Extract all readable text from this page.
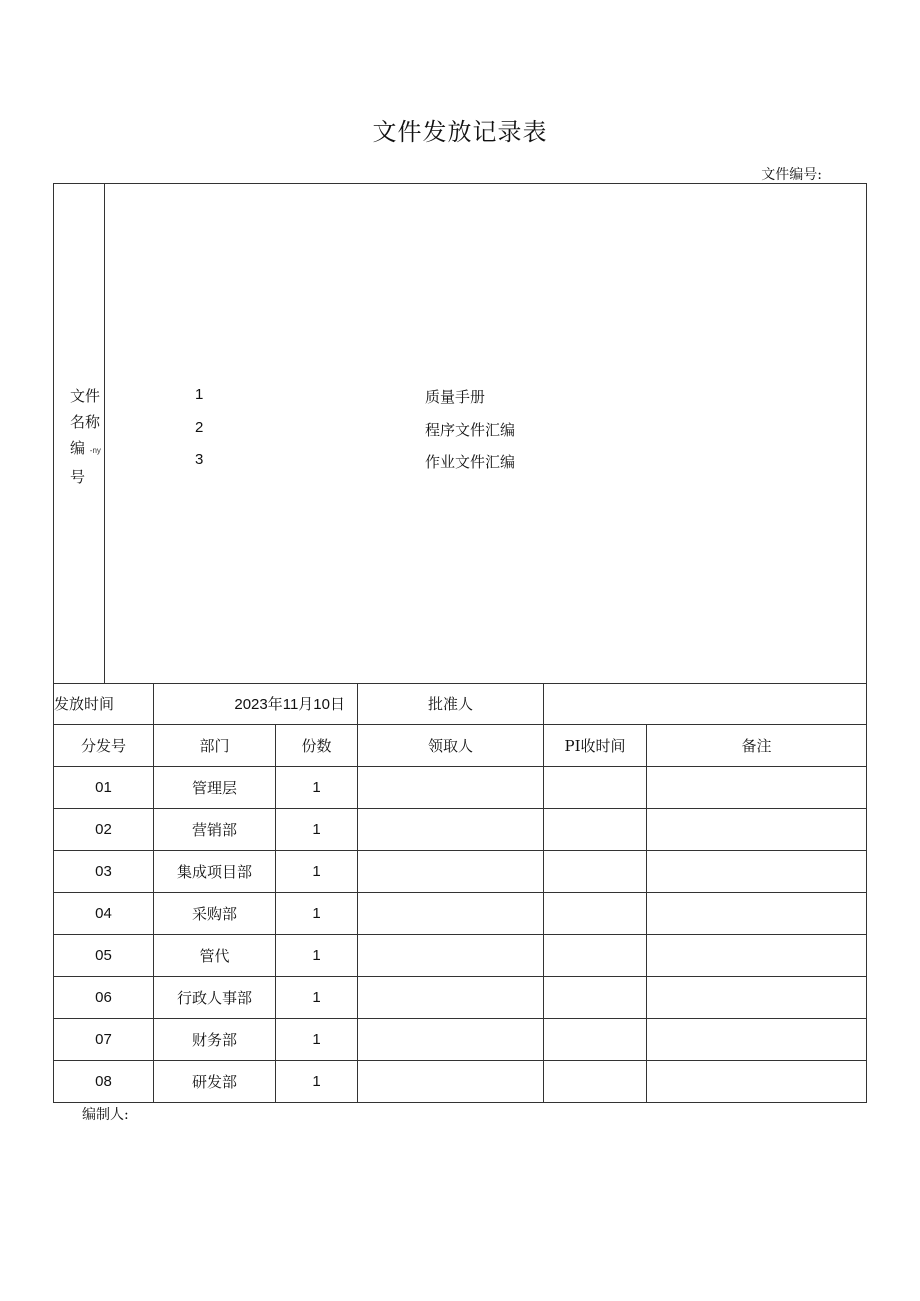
文件发放记录表
文件编号:
文件
名称
编 -ny
号
1	质量手册
2	程序文件汇编
3	作业文件汇编
发放时间	2023年11月10日	批准人
分发号	部门	份数	领取人	PI收时间	备注
01	管理层	1
02	营销部	1
03	集成项目部	1
04	采购部	1
05	管代	1
06	行政人事部	1
07	财务部	1
08	研发部	1
编制人:
